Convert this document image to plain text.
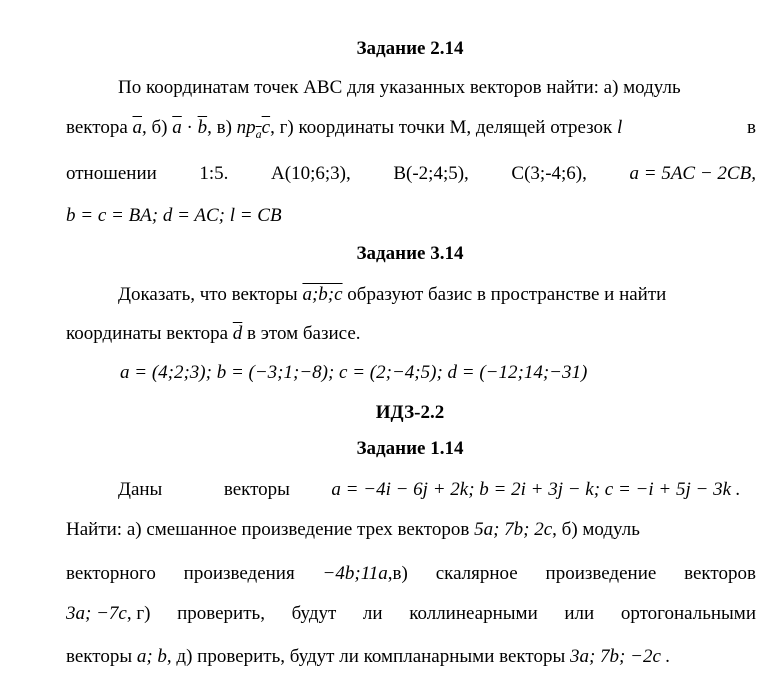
Задание 2.14
По координатам точек ABC для указанных векторов найти: а) модуль
вектора $\overline{a}$, б) $\overline{a} \cdot \overline{b}$, в) $np_{\overline{a}}\overline{c}$, г) координаты точки М, делящей отрезок l	в
отношении 1:5. A(10;6;3), B(-2;4;5), C(3;-4;6), a = 5AC − 2CB,
b = c = BA; d = AC; l = CB
Задание 3.14
Доказать, что векторы a;b;c образуют базис в пространстве и найти
координаты вектора $\overline{d}$ в этом базисе.
a = (4;2;3); b = (−3;1;−8); c = (2;−4;5); d = (−12;14;−31)
ИДЗ-2.2
Задание 1.14
Даны	векторы a = −4i − 6j + 2k; b = 2i + 3j − k; c = −i + 5j − 3k .
Найти: а) смешанное произведение трех векторов 5a; 7b; 2c, б) модуль
векторного произведения −4b;11a,в) скалярное произведение векторов
3a; −7c, г) проверить, будут ли коллинеарными или ортогональными
векторы a; b, д) проверить, будут ли компланарными векторы 3a; 7b; −2c .
